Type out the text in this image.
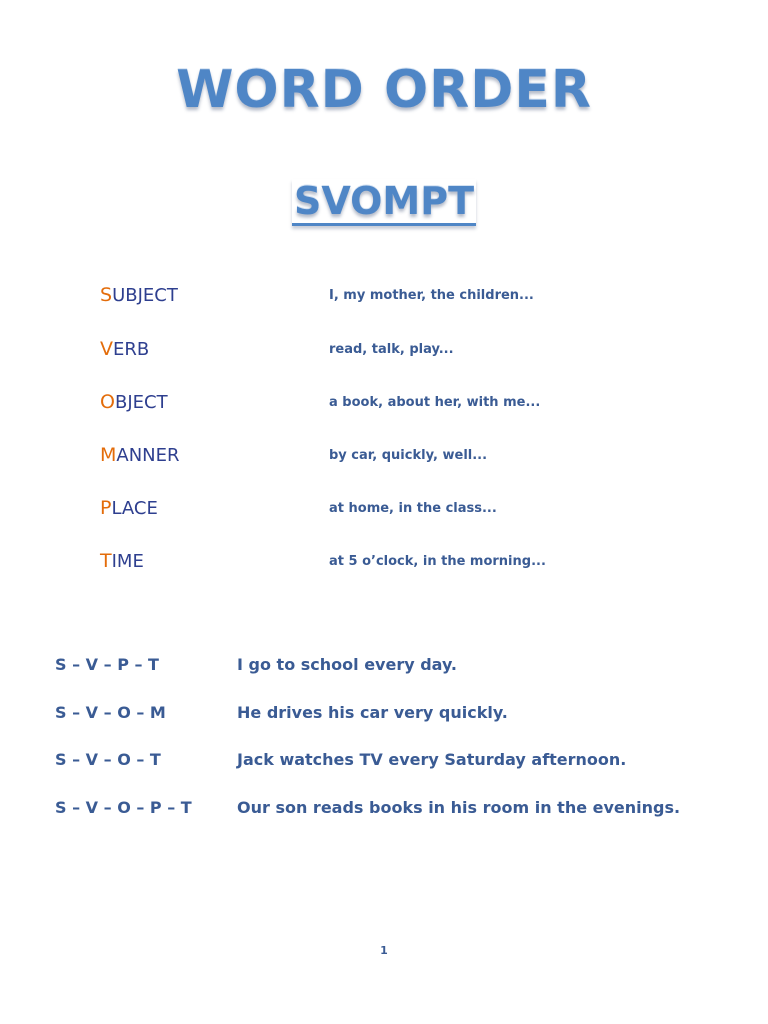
WORD ORDER
SVOMPT
SUBJECT	I, my mother, the children...
VERB	read, talk, play...
OBJECT	a book, about her, with me...
MANNER	by car, quickly, well...
PLACE	at home, in the class...
TIME	at 5 o’clock, in the morning...
S – V – P – T	I go to school every day.
S – V – O – M	He drives his car very quickly.
S – V – O – T	Jack watches TV every Saturday afternoon.
S – V – O – P – T	Our son reads books in his room in the evenings.
1
